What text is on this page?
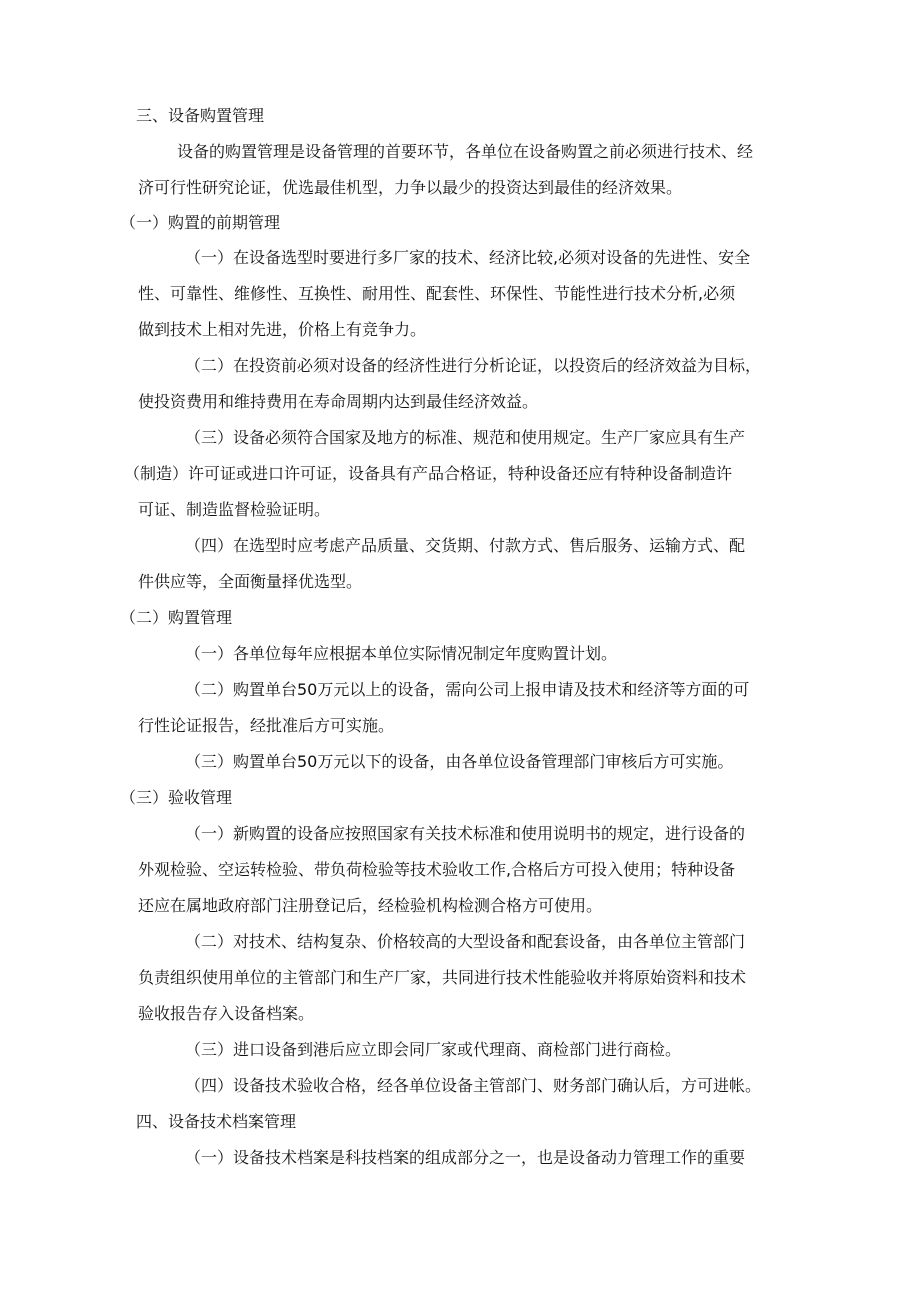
三、设备购置管理
设备的购置管理是设备管理的首要环节，各单位在设备购置之前必须进行技术、经
济可行性研究论证，优选最佳机型，力争以最少的投资达到最佳的经济效果。
（一）购置的前期管理
（一）在设备选型时要进行多厂家的技术、经济比较,必须对设备的先进性、安全
性、可靠性、维修性、互换性、耐用性、配套性、环保性、节能性进行技术分析,必须
做到技术上相对先进，价格上有竞争力。
（二）在投资前必须对设备的经济性进行分析论证，以投资后的经济效益为目标，
使投资费用和维持费用在寿命周期内达到最佳经济效益。
（三）设备必须符合国家及地方的标准、规范和使用规定。生产厂家应具有生产
（制造）许可证或进口许可证，设备具有产品合格证，特种设备还应有特种设备制造许
可证、制造监督检验证明。
（四）在选型时应考虑产品质量、交货期、付款方式、售后服务、运输方式、配
件供应等，全面衡量择优选型。
（二）购置管理
（一）各单位每年应根据本单位实际情况制定年度购置计划。
（二）购置单台50万元以上的设备，需向公司上报申请及技术和经济等方面的可
行性论证报告，经批准后方可实施。
（三）购置单台50万元以下的设备，由各单位设备管理部门审核后方可实施。
（三）验收管理
（一）新购置的设备应按照国家有关技术标准和使用说明书的规定，进行设备的
外观检验、空运转检验、带负荷检验等技术验收工作,合格后方可投入使用；特种设备
还应在属地政府部门注册登记后，经检验机构检测合格方可使用。
（二）对技术、结构复杂、价格较高的大型设备和配套设备，由各单位主管部门
负责组织使用单位的主管部门和生产厂家，共同进行技术性能验收并将原始资料和技术
验收报告存入设备档案。
（三）进口设备到港后应立即会同厂家或代理商、商检部门进行商检。
（四）设备技术验收合格，经各单位设备主管部门、财务部门确认后，方可进帐。
四、设备技术档案管理
（一）设备技术档案是科技档案的组成部分之一，也是设备动力管理工作的重要
